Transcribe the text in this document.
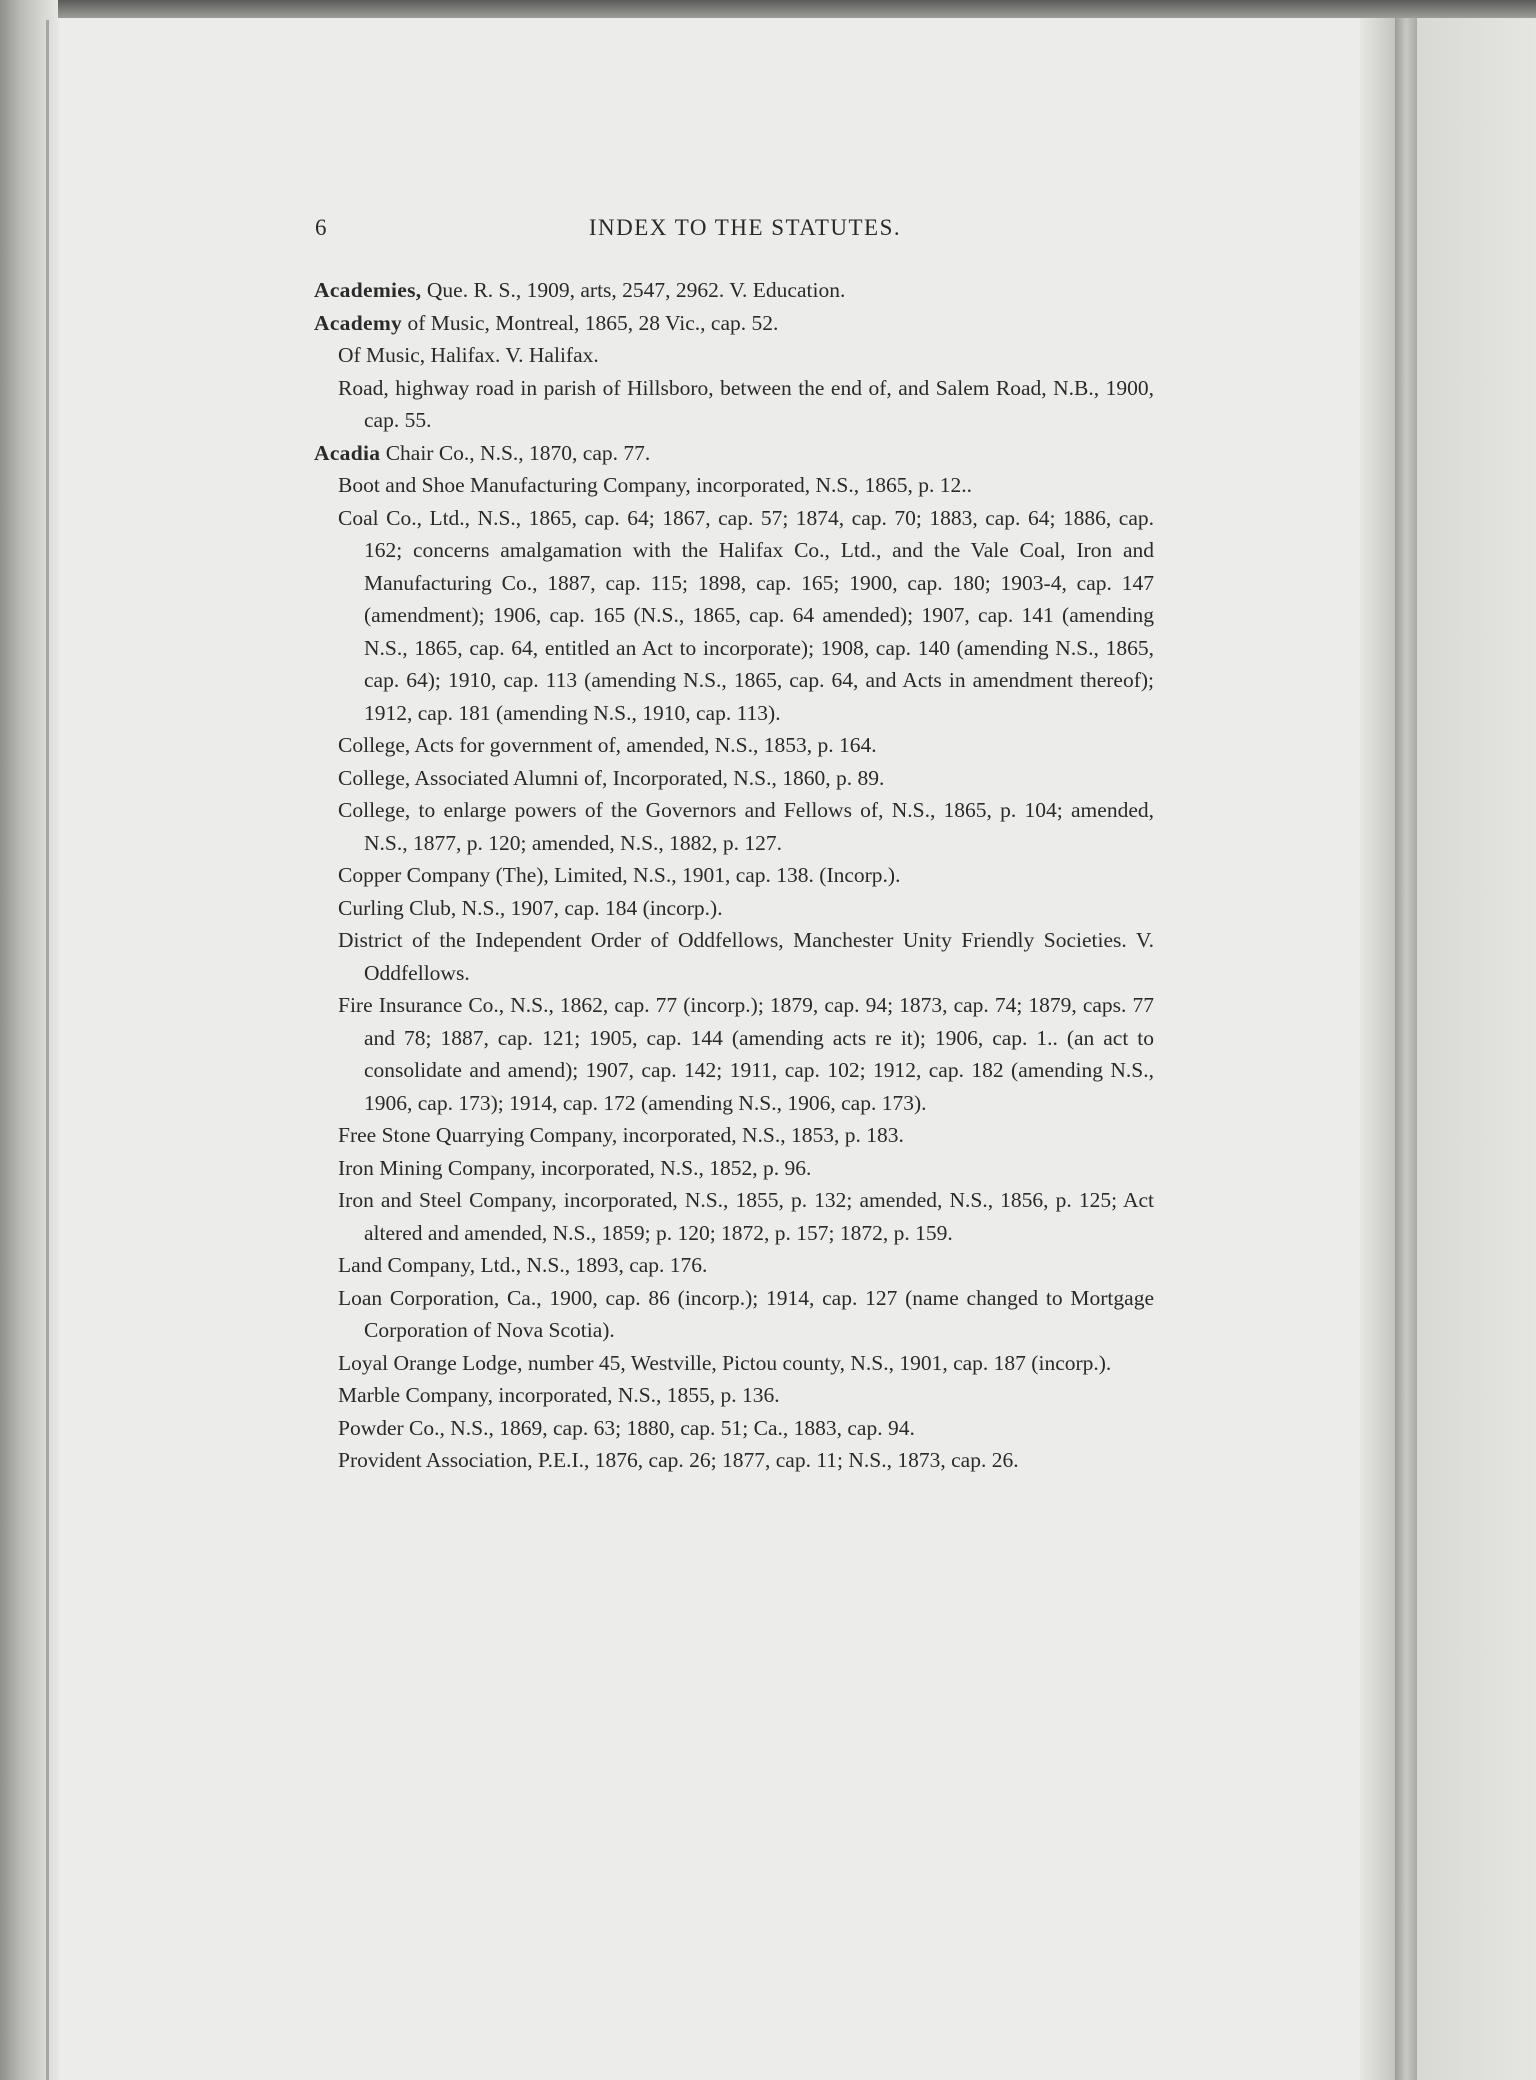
6	INDEX TO THE STATUTES.

Academies, Que. R. S., 1909, arts, 2547, 2962. V. Education.

Academy of Music, Montreal, 1865, 28 Vic., cap. 52.

Of Music, Halifax. V. Halifax.

Road, highway road in parish of Hillsboro, between the end of, and Salem Road, N.B., 1900, cap. 55.

Acadia Chair Co., N.S., 1870, cap. 77.

Boot and Shoe Manufacturing Company, incorporated, N.S., 1865, p. 12..

Coal Co., Ltd., N.S., 1865, cap. 64; 1867, cap. 57; 1874, cap. 70; 1883, cap. 64; 1886, cap. 162; concerns amalgamation with the Halifax Co., Ltd., and the Vale Coal, Iron and Manufacturing Co., 1887, cap. 115; 1898, cap. 165; 1900, cap. 180; 1903-4, cap. 147 (amendment); 1906, cap. 165 (N.S., 1865, cap. 64 amended); 1907, cap. 141 (amending N.S., 1865, cap. 64, entitled an Act to incorporate); 1908, cap. 140 (amending N.S., 1865, cap. 64); 1910, cap. 113 (amending N.S., 1865, cap. 64, and Acts in amendment thereof); 1912, cap. 181 (amending N.S., 1910, cap. 113).

College, Acts for government of, amended, N.S., 1853, p. 164.

College, Associated Alumni of, Incorporated, N.S., 1860, p. 89.

College, to enlarge powers of the Governors and Fellows of, N.S., 1865, p. 104; amended, N.S., 1877, p. 120; amended, N.S., 1882, p. 127.

Copper Company (The), Limited, N.S., 1901, cap. 138. (Incorp.).

Curling Club, N.S., 1907, cap. 184 (incorp.).

District of the Independent Order of Oddfellows, Manchester Unity Friendly Societies. V. Oddfellows.

Fire Insurance Co., N.S., 1862, cap. 77 (incorp.); 1879, cap. 94; 1873, cap. 74; 1879, caps. 77 and 78; 1887, cap. 121; 1905, cap. 144 (amending acts re it); 1906, cap. 1.. (an act to consolidate and amend); 1907, cap. 142; 1911, cap. 102; 1912, cap. 182 (amending N.S., 1906, cap. 173); 1914, cap. 172 (amending N.S., 1906, cap. 173).

Free Stone Quarrying Company, incorporated, N.S., 1853, p. 183.

Iron Mining Company, incorporated, N.S., 1852, p. 96.

Iron and Steel Company, incorporated, N.S., 1855, p. 132; amended, N.S., 1856, p. 125; Act altered and amended, N.S., 1859; p. 120; 1872, p. 157; 1872, p. 159.

Land Company, Ltd., N.S., 1893, cap. 176.

Loan Corporation, Ca., 1900, cap. 86 (incorp.); 1914, cap. 127 (name changed to Mortgage Corporation of Nova Scotia).

Loyal Orange Lodge, number 45, Westville, Pictou county, N.S., 1901, cap. 187 (incorp.).

Marble Company, incorporated, N.S., 1855, p. 136.

Powder Co., N.S., 1869, cap. 63; 1880, cap. 51; Ca., 1883, cap. 94.

Provident Association, P.E.I., 1876, cap. 26; 1877, cap. 11; N.S., 1873, cap. 26.
